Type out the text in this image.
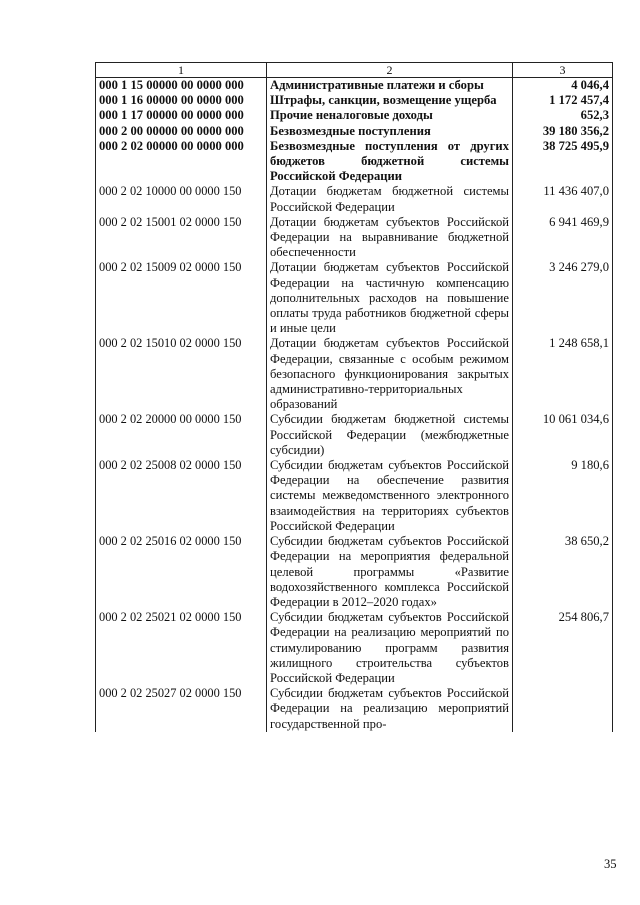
1	2	3
000 1 15 00000 00 0000 000	Административные платежи и сборы	4 046,4
000 1 16 00000 00 0000 000	Штрафы, санкции, возмещение ущерба	1 172 457,4
000 1 17 00000 00 0000 000	Прочие неналоговые доходы	652,3
000 2 00 00000 00 0000 000	Безвозмездные поступления	39 180 356,2
000 2 02 00000 00 0000 000	Безвозмездные поступления от других бюджетов бюджетной системы Российской Федерации	38 725 495,9
000 2 02 10000 00 0000 150	Дотации бюджетам бюджетной системы Российской Федерации	11 436 407,0
000 2 02 15001 02 0000 150	Дотации бюджетам субъектов Российской Федерации на выравнивание бюджетной обеспеченности	6 941 469,9
000 2 02 15009 02 0000 150	Дотации бюджетам субъектов Российской Федерации на частичную компенсацию дополнительных расходов на повышение оплаты труда работников бюджетной сферы и иные цели	3 246 279,0
000 2 02 15010 02 0000 150	Дотации бюджетам субъектов Российской Федерации, связанные с особым режимом безопасного функционирования закрытых административно-территориальных образований	1 248 658,1
000 2 02 20000 00 0000 150	Субсидии бюджетам бюджетной системы Российской Федерации (межбюджетные субсидии)	10 061 034,6
000 2 02 25008 02 0000 150	Субсидии бюджетам субъектов Российской Федерации на обеспечение развития системы межведомственного электронного взаимодействия на территориях субъектов Российской Федерации	9 180,6
000 2 02 25016 02 0000 150	Субсидии бюджетам субъектов Российской Федерации на мероприятия федеральной целевой программы «Развитие водохозяйственного комплекса Российской Федерации в 2012–2020 годах»	38 650,2
000 2 02 25021 02 0000 150	Субсидии бюджетам субъектов Российской Федерации на реализацию мероприятий по стимулированию программ развития жилищного строительства субъектов Российской Федерации	254 806,7
000 2 02 25027 02 0000 150	Субсидии бюджетам субъектов Российской Федерации на реализацию мероприятий государственной про-	
35
